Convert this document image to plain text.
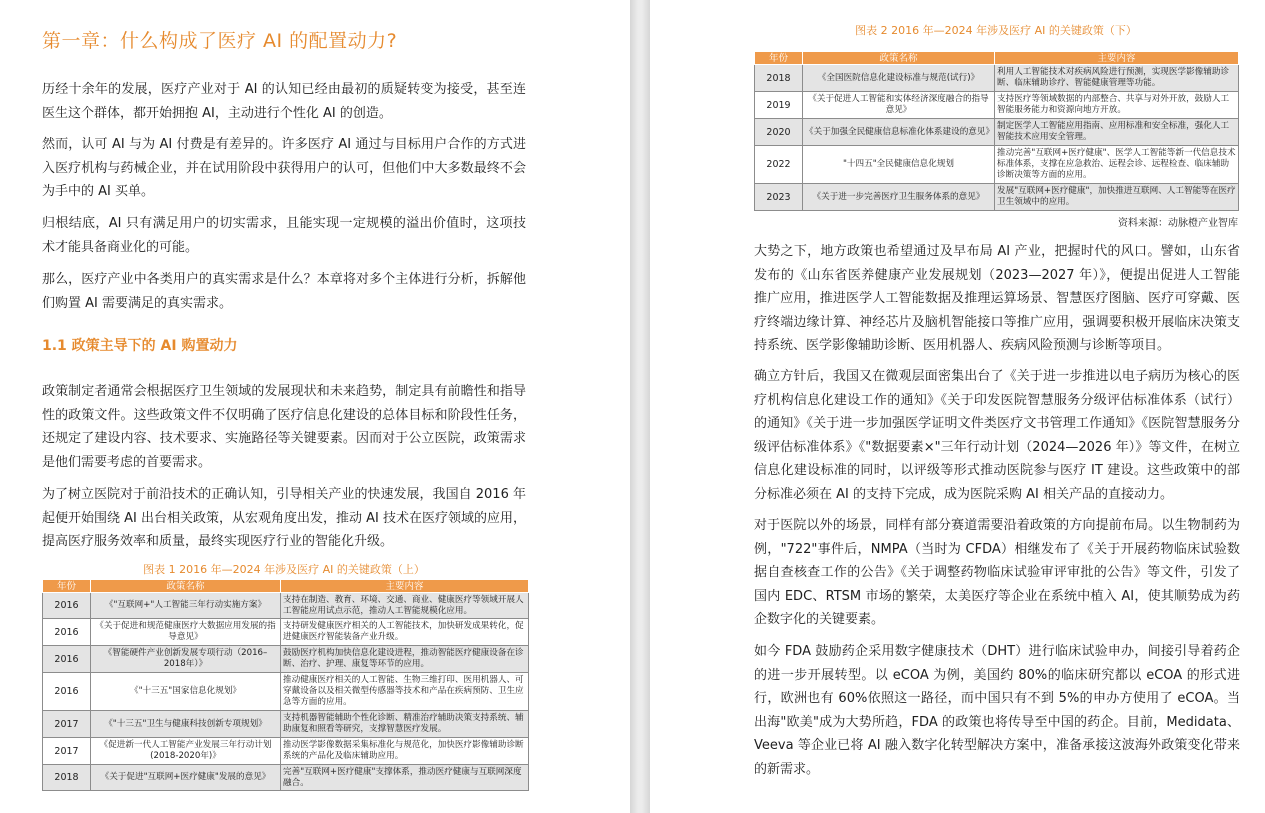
第一章：什么构成了医疗 AI 的配置动力?

历经十余年的发展，医疗产业对于 AI 的认知已经由最初的质疑转变为接受，甚至连医生这个群体，都开始拥抱 AI，主动进行个性化 AI 的创造。

然而，认可 AI 与为 AI 付费是有差异的。许多医疗 AI 通过与目标用户合作的方式进入医疗机构与药械企业，并在试用阶段中获得用户的认可，但他们中大多数最终不会为手中的 AI 买单。

归根结底，AI 只有满足用户的切实需求，且能实现一定规模的溢出价值时，这项技术才能具备商业化的可能。

那么，医疗产业中各类用户的真实需求是什么？本章将对多个主体进行分析，拆解他们购置 AI 需要满足的真实需求。

1.1 政策主导下的 AI 购置动力

政策制定者通常会根据医疗卫生领域的发展现状和未来趋势，制定具有前瞻性和指导性的政策文件。这些政策文件不仅明确了医疗信息化建设的总体目标和阶段性任务，还规定了建设内容、技术要求、实施路径等关键要素。因而对于公立医院，政策需求是他们需要考虑的首要需求。

为了树立医院对于前沿技术的正确认知，引导相关产业的快速发展，我国自 2016 年起便开始围绕 AI 出台相关政策，从宏观角度出发，推动 AI 技术在医疗领域的应用，提高医疗服务效率和质量，最终实现医疗行业的智能化升级。

图表 1 2016 年—2024 年涉及医疗 AI 的关键政策（上）
年份	政策名称	主要内容
2016	《"互联网+"人工智能三年行动实施方案》	支持在制造、教育、环境、交通、商业、健康医疗等领域开展人工智能应用试点示范，推动人工智能规模化应用。
2016	《关于促进和规范健康医疗大数据应用发展的指导意见》	支持研发健康医疗相关的人工智能技术，加快研发成果转化，促进健康医疗智能装备产业升级。
2016	《智能硬件产业创新发展专项行动（2016–2018年）》	鼓励医疗机构加快信息化建设进程，推动智能医疗健康设备在诊断、治疗、护理、康复等环节的应用。
2016	《"十三五"国家信息化规划》	推动健康医疗相关的人工智能、生物三维打印、医用机器人、可穿戴设备以及相关微型传感器等技术和产品在疾病预防、卫生应急等方面的应用。
2017	《"十三五"卫生与健康科技创新专项规划》	支持机器智能辅助个性化诊断、精准治疗辅助决策支持系统、辅助康复和照看等研究，支撑智慧医疗发展。
2017	《促进新一代人工智能产业发展三年行动计划(2018-2020年)》	推动医学影像数据采集标准化与规范化，加快医疗影像辅助诊断系统的产品化及临床辅助应用。
2018	《关于促进"互联网+医疗健康"发展的意见》	完善"互联网+医疗健康"支撑体系，推动医疗健康与互联网深度融合。
图表 2 2016 年—2024 年涉及医疗 AI 的关键政策（下）
年份	政策名称	主要内容
2018	《全国医院信息化建设标准与规范(试行)》	利用人工智能技术对疾病风险进行预测，实现医学影像辅助诊断、临床辅助诊疗、智能健康管理等功能。
2019	《关于促进人工智能和实体经济深度融合的指导意见》	支持医疗等领域数据的内部整合、共享与对外开放，鼓励人工智能服务能力和资源向地方开放。
2020	《关于加强全民健康信息标准化体系建设的意见》	制定医学人工智能应用指南、应用标准和安全标准，强化人工智能技术应用安全管理。
2022	"十四五"全民健康信息化规划	推动完善"互联网+医疗健康"、医学人工智能等新一代信息技术标准体系，支撑在应急救治、远程会诊、远程检查、临床辅助诊断决策等方面的应用。
2023	《关于进一步完善医疗卫生服务体系的意见》	发展"互联网+医疗健康"，加快推进互联网、人工智能等在医疗卫生领域中的应用。
资料来源：动脉橙产业智库

大势之下，地方政策也希望通过及早布局 AI 产业，把握时代的风口。譬如，山东省发布的《山东省医养健康产业发展规划（2023—2027 年）》，便提出促进人工智能推广应用，推进医学人工智能数据及推理运算场景、智慧医疗图脑、医疗可穿戴、医疗终端边缘计算、神经芯片及脑机智能接口等推广应用，强调要积极开展临床决策支持系统、医学影像辅助诊断、医用机器人、疾病风险预测与诊断等项目。

确立方针后，我国又在微观层面密集出台了《关于进一步推进以电子病历为核心的医疗机构信息化建设工作的通知》《关于印发医院智慧服务分级评估标准体系（试行）的通知》《关于进一步加强医学证明文件类医疗文书管理工作通知》《医院智慧服务分级评估标准体系》《"数据要素×"三年行动计划（2024—2026 年）》等文件，在树立信息化建设标准的同时，以评级等形式推动医院参与医疗 IT 建设。这些政策中的部分标准必须在 AI 的支持下完成，成为医院采购 AI 相关产品的直接动力。

对于医院以外的场景，同样有部分赛道需要沿着政策的方向提前布局。以生物制药为例，"722"事件后，NMPA（当时为 CFDA）相继发布了《关于开展药物临床试验数据自查核查工作的公告》《关于调整药物临床试验审评审批的公告》等文件，引发了国内 EDC、RTSM 市场的繁荣，太美医疗等企业在系统中植入 AI，使其顺势成为药企数字化的关键要素。

如今 FDA 鼓励药企采用数字健康技术（DHT）进行临床试验申办，间接引导着药企的进一步开展转型。以 eCOA 为例，美国约 80%的临床研究都以 eCOA 的形式进行，欧洲也有 60%依照这一路径，而中国只有不到 5%的申办方使用了 eCOA。当出海"欧美"成为大势所趋，FDA 的政策也将传导至中国的药企。目前，Medidata、Veeva 等企业已将 AI 融入数字化转型解决方案中，准备承接这波海外政策变化带来的新需求。
